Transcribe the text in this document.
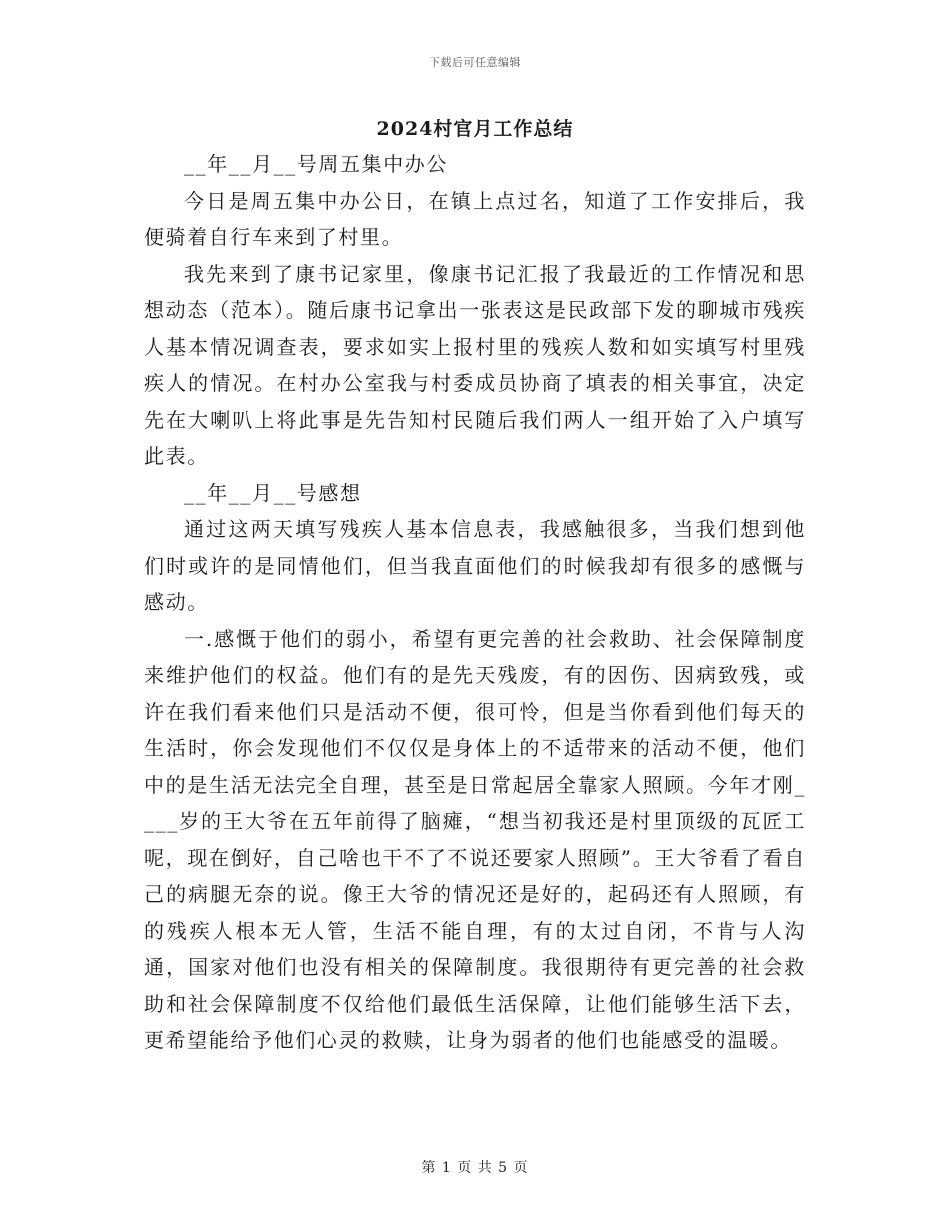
下载后可任意编辑
2024村官月工作总结

__年__月__号周五集中办公

今日是周五集中办公日，在镇上点过名，知道了工作安排后，我便骑着自行车来到了村里。

我先来到了康书记家里，像康书记汇报了我最近的工作情况和思想动态（范本）。随后康书记拿出一张表这是民政部下发的聊城市残疾人基本情况调查表，要求如实上报村里的残疾人数和如实填写村里残疾人的情况。在村办公室我与村委成员协商了填表的相关事宜，决定先在大喇叭上将此事是先告知村民随后我们两人一组开始了入户填写此表。

__年__月__号感想

通过这两天填写残疾人基本信息表，我感触很多，当我们想到他们时或许的是同情他们，但当我直面他们的时候我却有很多的感慨与感动。

一.感慨于他们的弱小，希望有更完善的社会救助、社会保障制度来维护他们的权益。他们有的是先天残废，有的因伤、因病致残，或许在我们看来他们只是活动不便，很可怜，但是当你看到他们每天的生活时，你会发现他们不仅仅是身体上的不适带来的活动不便，他们中的是生活无法完全自理，甚至是日常起居全靠家人照顾。今年才刚____岁的王大爷在五年前得了脑瘫，“想当初我还是村里顶级的瓦匠工呢，现在倒好，自己啥也干不了不说还要家人照顾”。王大爷看了看自己的病腿无奈的说。像王大爷的情况还是好的，起码还有人照顾，有的残疾人根本无人管，生活不能自理，有的太过自闭，不肯与人沟通，国家对他们也没有相关的保障制度。我很期待有更完善的社会救助和社会保障制度不仅给他们最低生活保障，让他们能够生活下去，更希望能给予他们心灵的救赎，让身为弱者的他们也能感受的温暖。

第 1 页 共 5 页
